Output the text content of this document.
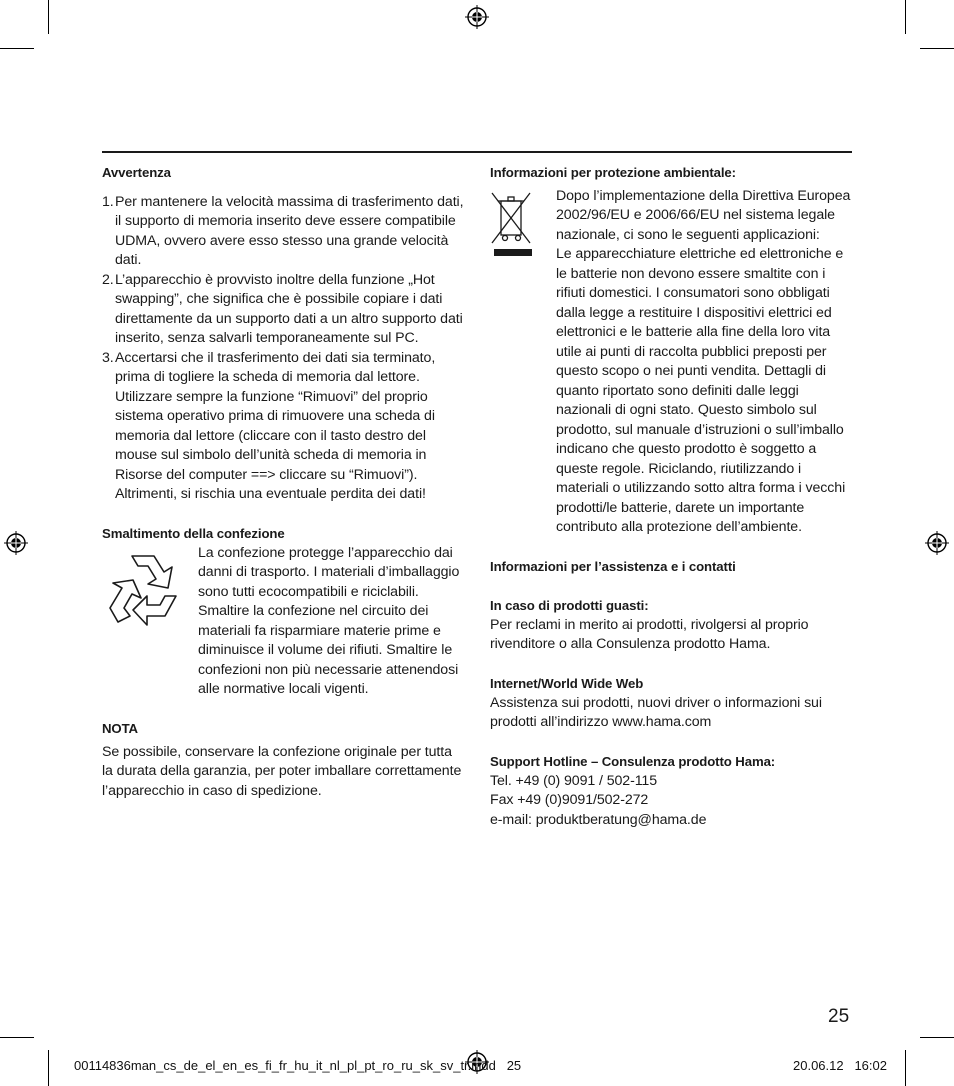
Avvertenza

1. Per mantenere la velocità massima di trasferimento dati, il supporto di memoria inserito deve essere compatibile UDMA, ovvero avere esso stesso una grande velocità dati.
2. L’apparecchio è provvisto inoltre della funzione „Hot swapping”, che significa che è possibile copiare i dati direttamente da un supporto dati a un altro supporto dati inserito, senza salvarli temporaneamente sul PC.
3. Accertarsi che il trasferimento dei dati sia terminato, prima di togliere la scheda di memoria dal lettore. Utilizzare sempre la funzione “Rimuovi” del proprio sistema operativo prima di rimuovere una scheda di memoria dal lettore (cliccare con il tasto destro del mouse sul simbolo dell’unità scheda di memoria in Risorse del computer ==> cliccare su “Rimuovi”). Altrimenti, si rischia una eventuale perdita dei dati!

Smaltimento della confezione

La confezione protegge l’apparecchio dai danni di trasporto. I materiali d’imballaggio sono tutti ecocompatibili e riciclabili.

Smaltire la confezione nel circuito dei materiali fa risparmiare materie prime e diminuisce il volume dei rifiuti. Smaltire le confezioni non più necessarie attenendosi alle normative locali vigenti.

NOTA

Se possibile, conservare la confezione originale per tutta la durata della garanzia, per poter imballare correttamente l’apparecchio in caso di spedizione.

Informazioni per protezione ambientale:

Dopo l’implementazione della Direttiva Europea 2002/96/EU e 2006/66/EU nel sistema legale nazionale, ci sono le seguenti applicazioni:

Le apparecchiature elettriche ed elettroniche e le batterie non devono essere smaltite con i rifiuti domestici. I consumatori sono obbligati dalla legge a restituire I dispositivi elettrici ed elettronici e le batterie alla fine della loro vita utile ai punti di raccolta pubblici preposti per questo scopo o nei punti vendita. Dettagli di quanto riportato sono definiti dalle leggi nazionali di ogni stato. Questo simbolo sul prodotto, sul manuale d’istruzioni o sull’imballo indicano che questo prodotto è soggetto a queste regole. Riciclando, riutilizzando i materiali o utilizzando sotto altra forma i vecchi prodotti/le batterie, darete un importante contributo alla protezione dell’ambiente.

Informazioni per l’assistenza e i contatti

In caso di prodotti guasti:

Per reclami in merito ai prodotti, rivolgersi al proprio rivenditore o alla Consulenza prodotto Hama.

Internet/World Wide Web

Assistenza sui prodotti, nuovi driver o informazioni sui prodotti all’indirizzo www.hama.com

Support Hotline – Consulenza prodotto Hama:

Tel. +49 (0) 9091 / 502-115

Fax +49 (0)9091/502-272

e-mail: produktberatung@hama.de

25
00114836man_cs_de_el_en_es_fi_fr_hu_it_nl_pl_pt_ro_ru_sk_sv_tr.indd   25	20.06.12   16:02
